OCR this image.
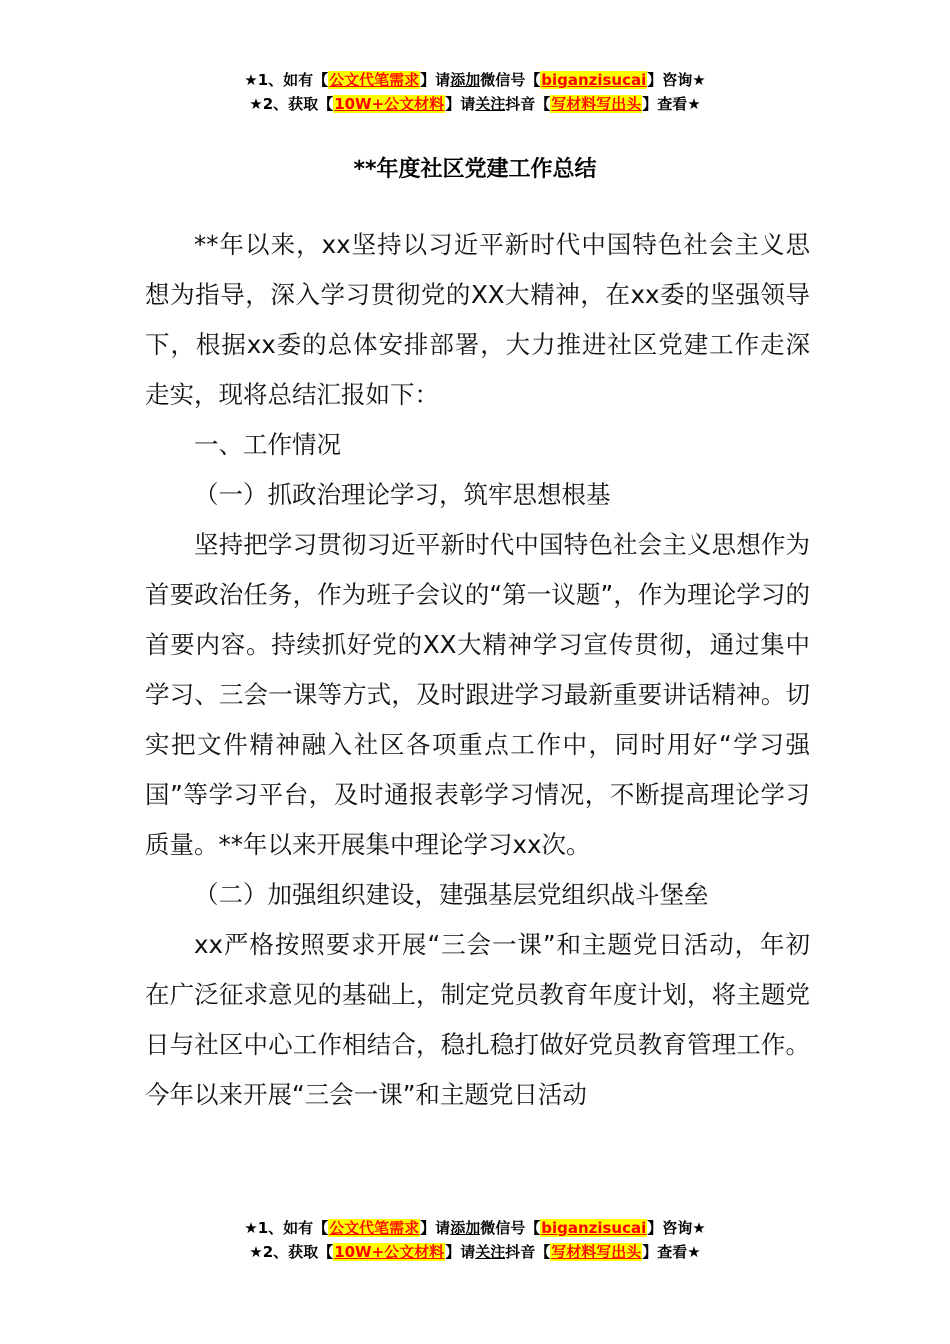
★1、如有【公文代笔需求】请添加微信号【biganzisucai】咨询★
★2、获取【10W+公文材料】请关注抖音【写材料写出头】查看★
**年度社区党建工作总结

**年以来，xx坚持以习近平新时代中国特色社会主义思想为指导，深入学习贯彻党的XX大精神，在xx委的坚强领导下，根据xx委的总体安排部署，大力推进社区党建工作走深走实，现将总结汇报如下：

一、工作情况

（一）抓政治理论学习，筑牢思想根基

坚持把学习贯彻习近平新时代中国特色社会主义思想作为首要政治任务，作为班子会议的“第一议题”，作为理论学习的首要内容。持续抓好党的XX大精神学习宣传贯彻，通过集中学习、三会一课等方式，及时跟进学习最新重要讲话精神。切实把文件精神融入社区各项重点工作中，同时用好“学习强国”等学习平台，及时通报表彰学习情况，不断提高理论学习质量。**年以来开展集中理论学习xx次。

（二）加强组织建设，建强基层党组织战斗堡垒

xx严格按照要求开展“三会一课”和主题党日活动，年初在广泛征求意见的基础上，制定党员教育年度计划，将主题党日与社区中心工作相结合，稳扎稳打做好党员教育管理工作。今年以来开展“三会一课”和主题党日活动

★1、如有【公文代笔需求】请添加微信号【biganzisucai】咨询★
★2、获取【10W+公文材料】请关注抖音【写材料写出头】查看★
